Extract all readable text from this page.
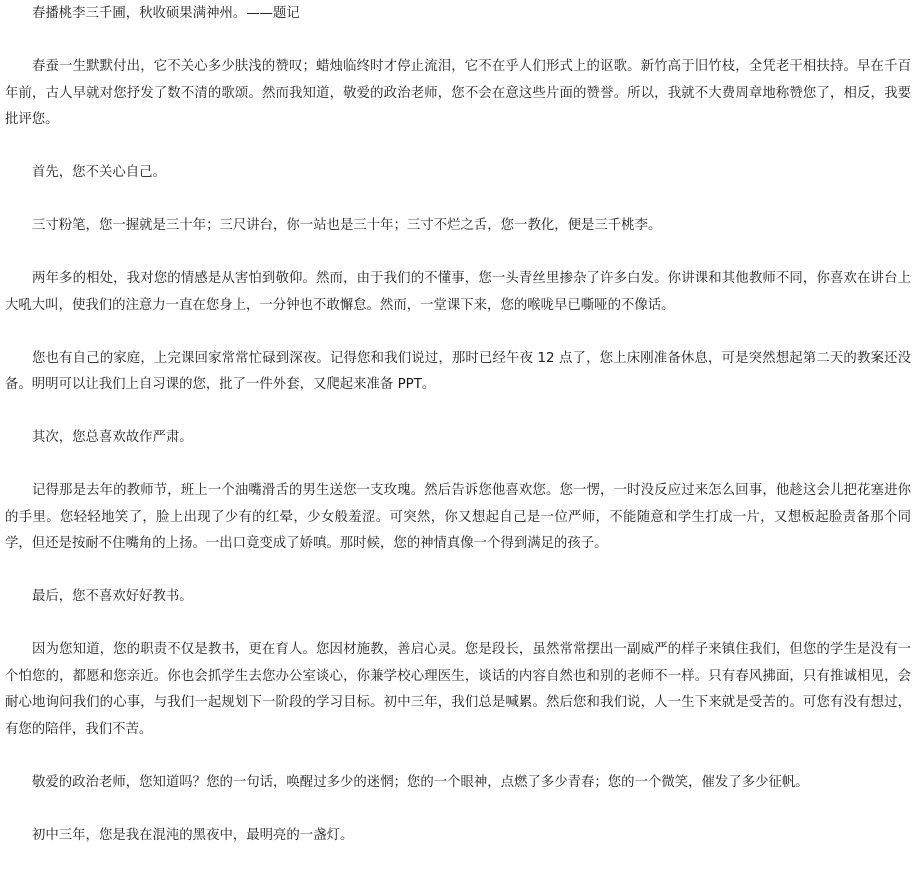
春播桃李三千圃，秋收硕果满神州。——题记

春蚕一生默默付出，它不关心多少肤浅的赞叹；蜡烛临终时才停止流泪，它不在乎人们形式上的讴歌。新竹高于旧竹枝，全凭老干相扶持。早在千百年前，古人早就对您抒发了数不清的歌颂。然而我知道，敬爱的政治老师，您不会在意这些片面的赞誉。所以，我就不大费周章地称赞您了，相反，我要批评您。

首先，您不关心自己。

三寸粉笔，您一握就是三十年；三尺讲台，你一站也是三十年；三寸不烂之舌，您一教化，便是三千桃李。

两年多的相处，我对您的情感是从害怕到敬仰。然而，由于我们的不懂事，您一头青丝里掺杂了许多白发。你讲课和其他教师不同，你喜欢在讲台上大吼大叫，使我们的注意力一直在您身上，一分钟也不敢懈怠。然而，一堂课下来，您的喉咙早已嘶哑的不像话。

您也有自己的家庭，上完课回家常常忙碌到深夜。记得您和我们说过，那时已经午夜 12 点了，您上床刚准备休息，可是突然想起第二天的教案还没备。明明可以让我们上自习课的您，批了一件外套，又爬起来准备 PPT。

其次，您总喜欢故作严肃。

记得那是去年的教师节，班上一个油嘴滑舌的男生送您一支玫瑰。然后告诉您他喜欢您。您一愣，一时没反应过来怎么回事，他趁这会儿把花塞进你的手里。您轻轻地笑了，脸上出现了少有的红晕，少女般羞涩。可突然，你又想起自己是一位严师，不能随意和学生打成一片，又想板起脸责备那个同学，但还是按耐不住嘴角的上扬。一出口竟变成了娇嗔。那时候，您的神情真像一个得到满足的孩子。

最后，您不喜欢好好教书。

因为您知道，您的职责不仅是教书，更在育人。您因材施教，善启心灵。您是段长，虽然常常摆出一副威严的样子来镇住我们，但您的学生是没有一个怕您的，都愿和您亲近。你也会抓学生去您办公室谈心，你兼学校心理医生，谈话的内容自然也和别的老师不一样。只有春风拂面，只有推诚相见，会耐心地询问我们的心事，与我们一起规划下一阶段的学习目标。初中三年，我们总是喊累。然后您和我们说，人一生下来就是受苦的。可您有没有想过，有您的陪伴，我们不苦。

敬爱的政治老师，您知道吗？您的一句话，唤醒过多少的迷惘；您的一个眼神，点燃了多少青春；您的一个微笑，催发了多少征帆。

初中三年，您是我在混沌的黑夜中，最明亮的一盏灯。
